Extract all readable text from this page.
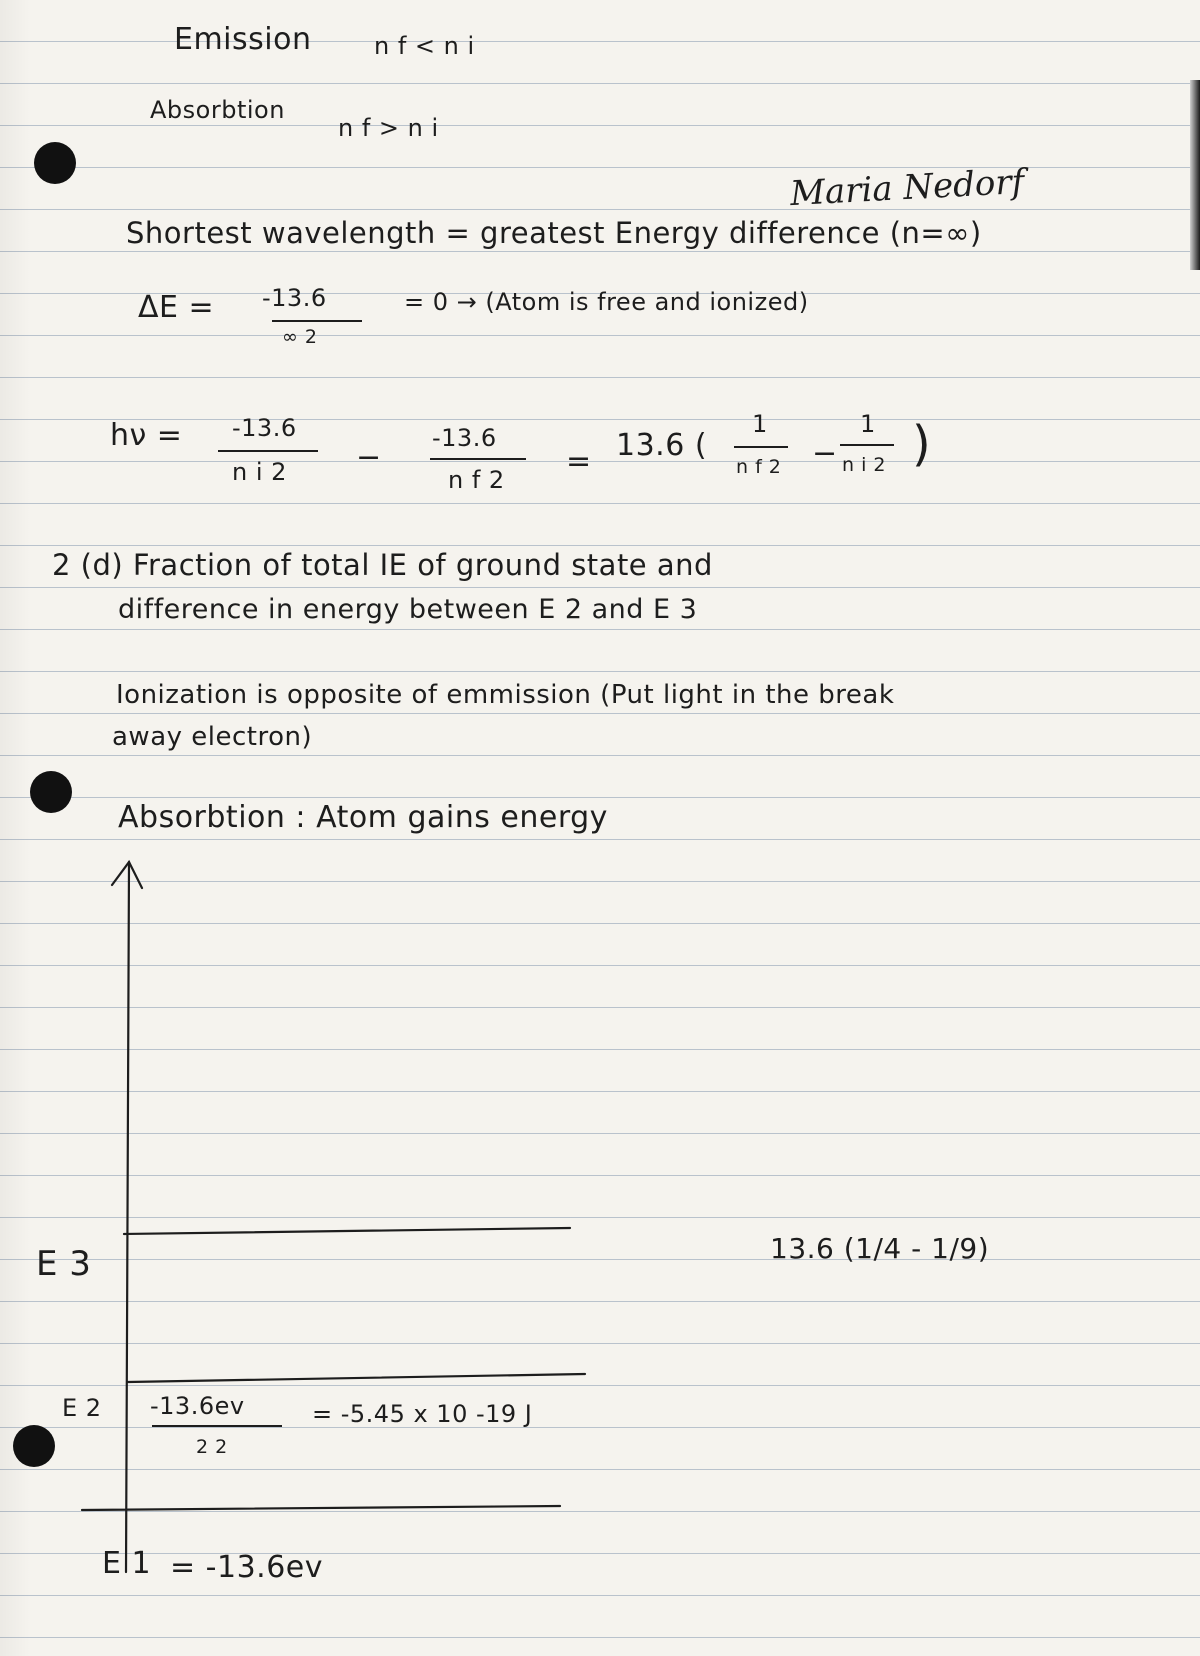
Emission	n f < n i
Absorbtion
n f > n i
Maria Nedorf
Shortest wavelength = greatest Energy difference (n=∞)
ΔE = -13.6
∞ 2
= 0 → (Atom is free and ionized)
hν = -13.6
n i 2 −
-13.6
n f 2
= 13.6 (
1
n f 2 −
1
n i 2 )
2 (d) Fraction of total IE of ground state and
difference in energy between E 2 and E 3
Ionization is opposite of emmission (Put light in the break
away electron)
Absorbtion : Atom gains energy
E 3
E 2
E 1
-13.6ev
2 2
= -5.45 x 10 -19 J
13.6 (1/4 - 1/9)
= -13.6ev
